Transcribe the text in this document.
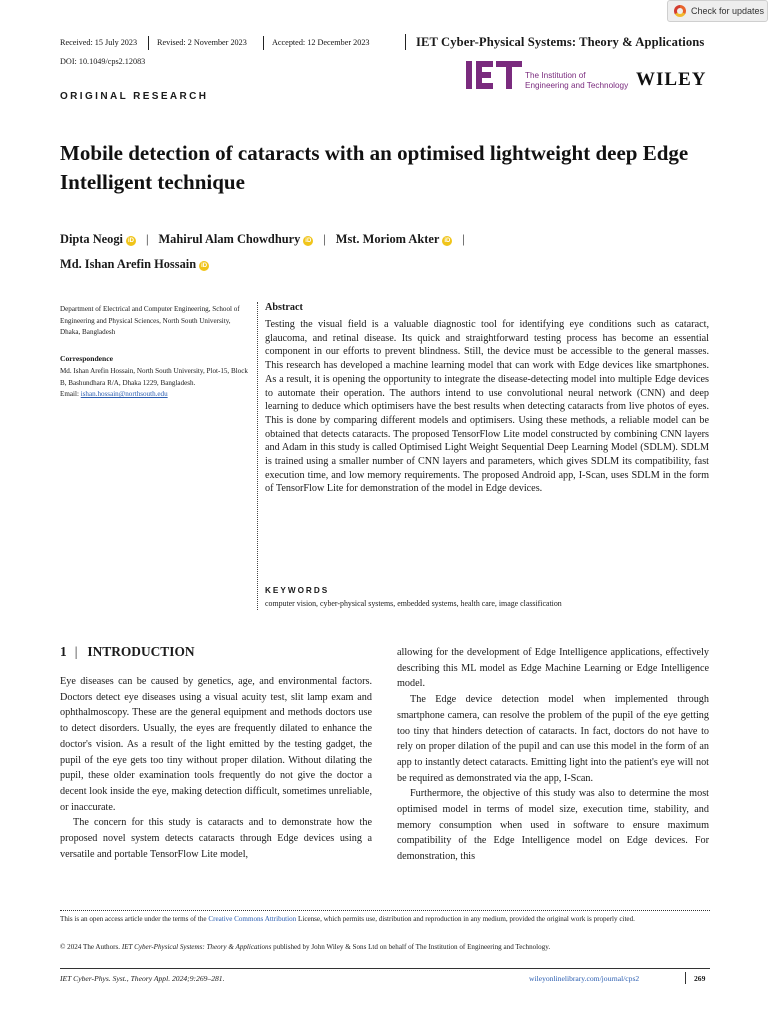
Check for updates
Received: 15 July 2023 Revised: 2 November 2023	Accepted: 12 December 2023	IET Cyber-Physical Systems: Theory & Applications
DOI: 10.1049/cps2.12083
ORIGINAL RESEARCH
The Institution of
Engineering and Technology WILEY
Mobile detection of cataracts with an optimised lightweight deep Edge Intelligent technique
Dipta Neogi iD | Mahirul Alam Chowdhury iD | Mst. Moriom Akter iD |
Md. Ishan Arefin Hossain iD
Department of Electrical and Computer Engineering, School of Engineering and Physical Sciences, North South University, Dhaka, Bangladesh
Correspondence
Md. Ishan Arefin Hossain, North South University, Plot-15, Block B, Bashundhara R/A, Dhaka 1229, Bangladesh.
Email: ishan.hossain@northsouth.edu
Abstract
Testing the visual field is a valuable diagnostic tool for identifying eye conditions such as cataract, glaucoma, and retinal disease. Its quick and straightforward testing process has become an essential component in our efforts to prevent blindness. Still, the device must be accessible to the general masses. This research has developed a machine learning model that can work with Edge devices like smartphones. As a result, it is opening the opportunity to integrate the disease-detecting model into multiple Edge devices to automate their operation. The authors intend to use convolutional neural network (CNN) and deep learning to deduce which optimisers have the best results when detecting cataracts from live photos of eyes. This is done by comparing different models and optimisers. Using these methods, a reliable model can be obtained that detects cataracts. The proposed TensorFlow Lite model constructed by combining CNN layers and Adam in this study is called Optimised Light Weight Sequential Deep Learning Model (SDLM). SDLM is trained using a smaller number of CNN layers and parameters, which gives SDLM its compatibility, fast execution time, and low memory requirements. The proposed Android app, I-Scan, uses SDLM in the form of TensorFlow Lite for demonstration of the model in Edge devices.
KEYWORDS
computer vision, cyber-physical systems, embedded systems, health care, image classification
1 | INTRODUCTION

Eye diseases can be caused by genetics, age, and environmental factors. Doctors detect eye diseases using a visual acuity test, slit lamp exam and ophthalmoscopy. These are the general equipment and methods doctors use to detect disorders. Usually, the eyes are frequently dilated to enhance the doctor's vision. As a result of the light emitted by the testing gadget, the pupil of the eye gets too tiny without proper dilation. Without dilating the pupil, these older examination tools frequently do not give the doctor a decent look inside the eye, making detection difficult, sometimes unreliable, or inaccurate.

The concern for this study is cataracts and to demonstrate how the proposed novel system detects cataracts through Edge devices using a versatile and portable TensorFlow Lite model,

allowing for the development of Edge Intelligence applications, effectively describing this ML model as Edge Machine Learning or Edge Intelligence model.

The Edge device detection model when implemented through smartphone camera, can resolve the problem of the pupil of the eye getting too tiny that hinders detection of cataracts. In fact, doctors do not have to rely on proper dilation of the pupil and can use this model in the form of an app to instantly detect cataracts. Emitting light into the patient's eye will not be required as demonstrated via the app, I-Scan.

Furthermore, the objective of this study was also to determine the most optimised model in terms of model size, execution time, stability, and memory consumption when used in software to ensure maximum compatibility of the Edge Intelligence model on Edge devices. For demonstration, this

This is an open access article under the terms of the Creative Commons Attribution License, which permits use, distribution and reproduction in any medium, provided the original work is properly cited.
© 2024 The Authors. IET Cyber-Physical Systems: Theory & Applications published by John Wiley & Sons Ltd on behalf of The Institution of Engineering and Technology.
IET Cyber-Phys. Syst., Theory Appl. 2024;9:269–281.	wileyonlinelibrary.com/journal/cps2	269
